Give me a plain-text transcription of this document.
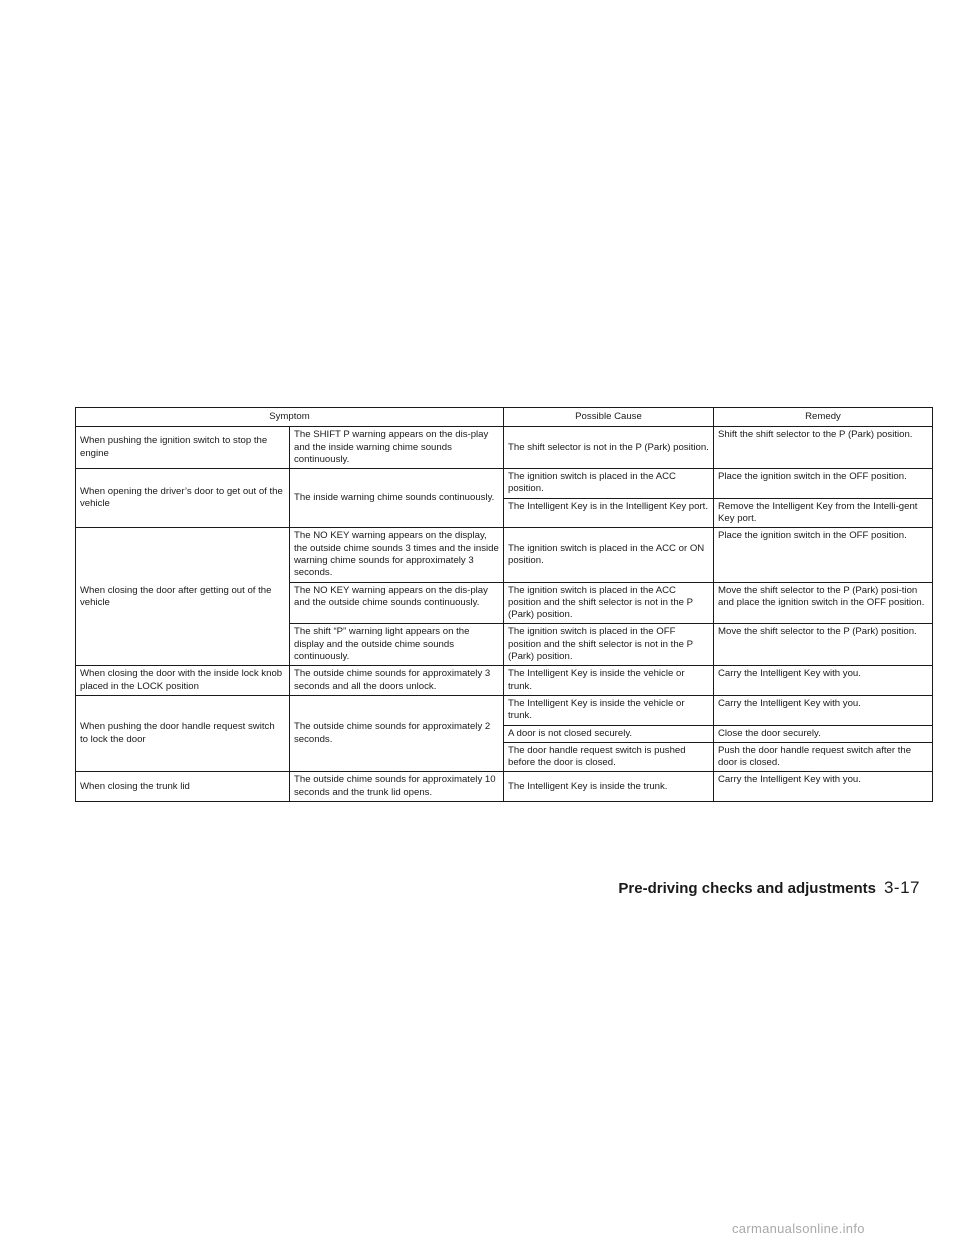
Symptom		Possible Cause	Remedy
When pushing the ignition switch to stop the engine	The SHIFT P warning appears on the dis-play and the inside warning chime sounds continuously.	The shift selector is not in the P (Park) position.	Shift the shift selector to the P (Park) position.
When opening the driver’s door to get out of the vehicle	The inside warning chime sounds continuously.	The ignition switch is placed in the ACC position.	Place the ignition switch in the OFF position.
		The Intelligent Key is in the Intelligent Key port.	Remove the Intelligent Key from the Intelli-gent Key port.
When closing the door after getting out of the vehicle	The NO KEY warning appears on the display, the outside chime sounds 3 times and the inside warning chime sounds for approximately 3 seconds.	The ignition switch is placed in the ACC or ON position.	Place the ignition switch in the OFF position.
	The NO KEY warning appears on the dis-play and the outside chime sounds continuously.	The ignition switch is placed in the ACC position and the shift selector is not in the P (Park) position.	Move the shift selector to the P (Park) posi-tion and place the ignition switch in the OFF position.
	The shift “P” warning light appears on the display and the outside chime sounds continuously.	The ignition switch is placed in the OFF position and the shift selector is not in the P (Park) position.	Move the shift selector to the P (Park) position.
When closing the door with the inside lock knob placed in the LOCK position	The outside chime sounds for approximately 3 seconds and all the doors unlock.	The Intelligent Key is inside the vehicle or trunk.	Carry the Intelligent Key with you.
When pushing the door handle request switch to lock the door	The outside chime sounds for approximately 2 seconds.	The Intelligent Key is inside the vehicle or trunk.	Carry the Intelligent Key with you.
		A door is not closed securely.	Close the door securely.
		The door handle request switch is pushed before the door is closed.	Push the door handle request switch after the door is closed.
When closing the trunk lid	The outside chime sounds for approximately 10 seconds and the trunk lid opens.	The Intelligent Key is inside the trunk.	Carry the Intelligent Key with you.
Pre-driving checks and adjustments 3-17
carmanualsonline.info
